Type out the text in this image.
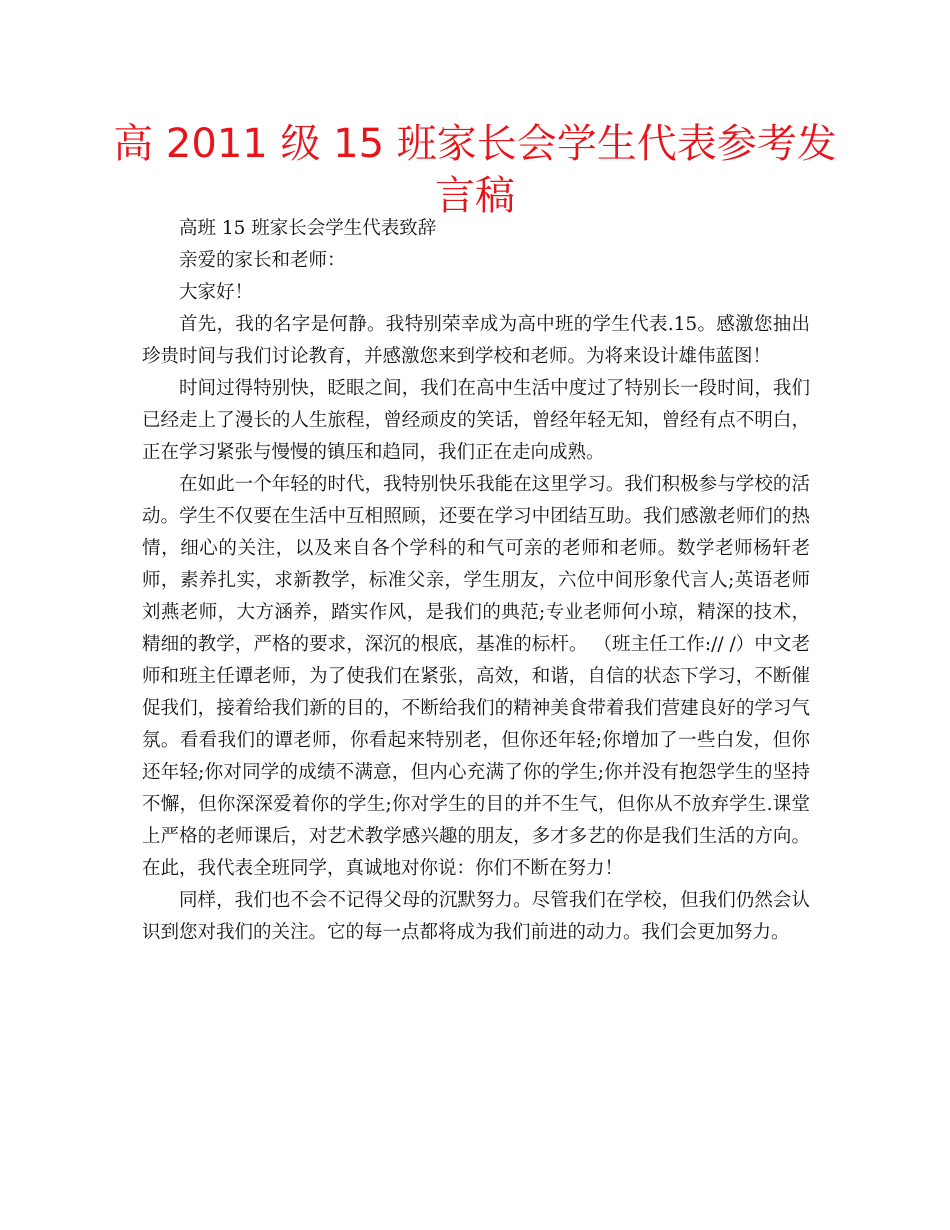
高 2011 级 15 班家长会学生代表参考发言稿

高班 15 班家长会学生代表致辞

亲爱的家长和老师：

大家好！

首先，我的名字是何静。我特别荣幸成为高中班的学生代表.15。感激您抽出珍贵时间与我们讨论教育，并感激您来到学校和老师。为将来设计雄伟蓝图！

时间过得特别快，眨眼之间，我们在高中生活中度过了特别长一段时间，我们已经走上了漫长的人生旅程，曾经顽皮的笑话，曾经年轻无知，曾经有点不明白，正在学习紧张与慢慢的镇压和趋同，我们正在走向成熟。

在如此一个年轻的时代，我特别快乐我能在这里学习。我们积极参与学校的活动。学生不仅要在生活中互相照顾，还要在学习中团结互助。我们感激老师们的热情，细心的关注，以及来自各个学科的和气可亲的老师和老师。数学老师杨轩老师，素养扎实，求新教学，标准父亲，学生朋友，六位中间形象代言人;英语老师刘燕老师，大方涵养，踏实作风，是我们的典范;专业老师何小琼，精深的技术，精细的教学，严格的要求，深沉的根底，基准的标杆。 （班主任工作:// /）中文老师和班主任谭老师，为了使我们在紧张，高效，和谐，自信的状态下学习，不断催促我们，接着给我们新的目的，不断给我们的精神美食带着我们营建良好的学习气氛。看看我们的谭老师，你看起来特别老，但你还年轻;你增加了一些白发，但你还年轻;你对同学的成绩不满意，但内心充满了你的学生;你并没有抱怨学生的坚持不懈，但你深深爱着你的学生;你对学生的目的并不生气，但你从不放弃学生.课堂上严格的老师课后，对艺术教学感兴趣的朋友，多才多艺的你是我们生活的方向。在此，我代表全班同学，真诚地对你说：你们不断在努力！

同样，我们也不会不记得父母的沉默努力。尽管我们在学校，但我们仍然会认识到您对我们的关注。它的每一点都将成为我们前进的动力。我们会更加努力。
